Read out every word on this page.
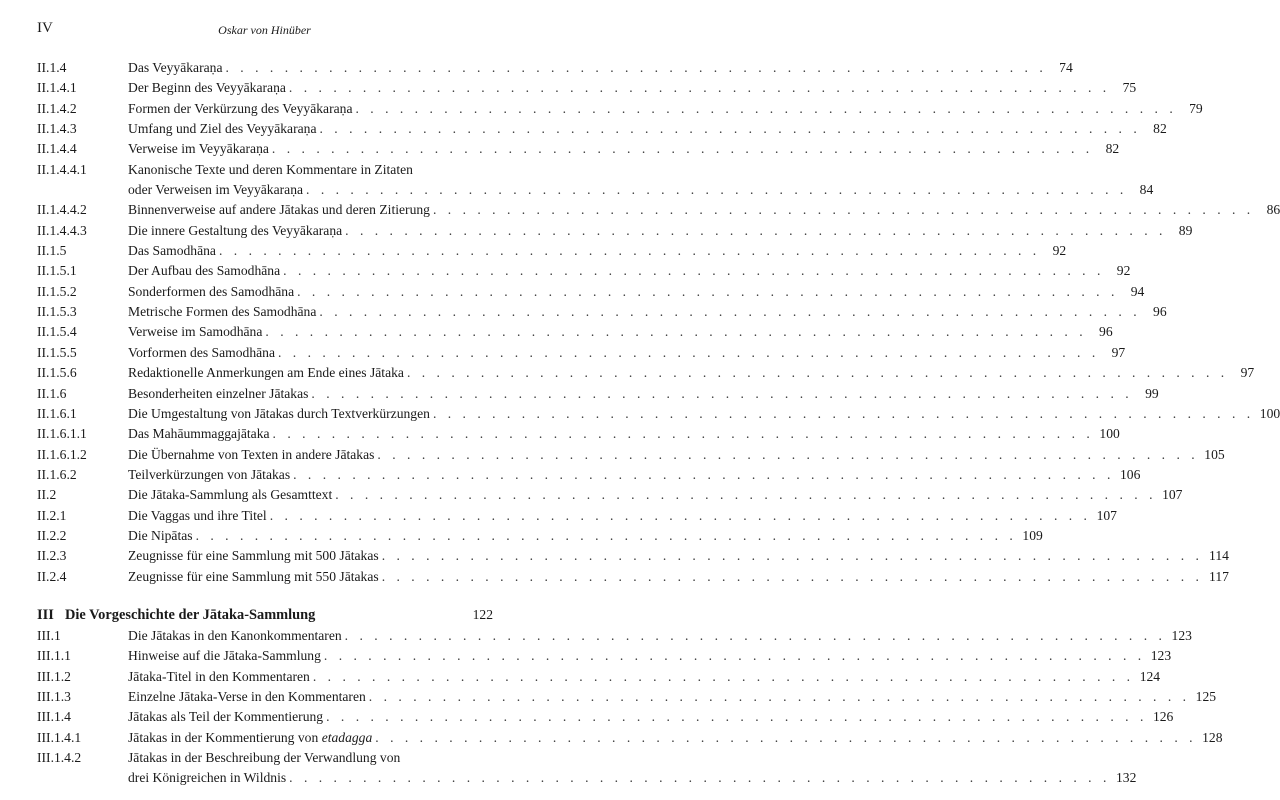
IV	Oskar von Hinüber
II.1.4	Das Veyyākaraṇa . . . . . . . . . . . . . . . . . . . . . . . . . . . . . . . . . . . . . . . . . . . . . . . . . . . . . . . . 74
II.1.4.1	Der Beginn des Veyyākaraṇa . . . . . . . . . . . . . . . . . . . . . . . . . . . . . . . . . . . . . . . . . . . . . . . . . . . . . . . . 75
II.1.4.2	Formen der Verkürzung des Veyyākaraṇa . . . . . . . . . . . . . . . . . . . . . . . . . . . . . . . . . . . . . . . . . . . . . . . . . . . . . . . . 79
II.1.4.3	Umfang und Ziel des Veyyākaraṇa . . . . . . . . . . . . . . . . . . . . . . . . . . . . . . . . . . . . . . . . . . . . . . . . . . . . . . . . 82
II.1.4.4	Verweise im Veyyākaraṇa . . . . . . . . . . . . . . . . . . . . . . . . . . . . . . . . . . . . . . . . . . . . . . . . . . . . . . . . 82
II.1.4.4.1	Kanonische Texte und deren Kommentare in Zitaten
oder Verweisen im Veyyākaraṇa . . . . . . . . . . . . . . . . . . . . . . . . . . . . . . . . . . . . . . . . . . . . . . . . . . . . . . . . 84
II.1.4.4.2	Binnenverweise auf andere Jātakas und deren Zitierung . . . . . . . . . . . . . . . . . . . . . . . . . . . . . . . . . . . . . . . . . . . . . . . . . . . . . . . . 86
II.1.4.4.3	Die innere Gestaltung des Veyyākaraṇa . . . . . . . . . . . . . . . . . . . . . . . . . . . . . . . . . . . . . . . . . . . . . . . . . . . . . . . . 89
II.1.5	Das Samodhāna . . . . . . . . . . . . . . . . . . . . . . . . . . . . . . . . . . . . . . . . . . . . . . . . . . . . . . . . 92
II.1.5.1	Der Aufbau des Samodhāna . . . . . . . . . . . . . . . . . . . . . . . . . . . . . . . . . . . . . . . . . . . . . . . . . . . . . . . . 92
II.1.5.2	Sonderformen des Samodhāna . . . . . . . . . . . . . . . . . . . . . . . . . . . . . . . . . . . . . . . . . . . . . . . . . . . . . . . . 94
II.1.5.3	Metrische Formen des Samodhāna . . . . . . . . . . . . . . . . . . . . . . . . . . . . . . . . . . . . . . . . . . . . . . . . . . . . . . . . 96
II.1.5.4	Verweise im Samodhāna . . . . . . . . . . . . . . . . . . . . . . . . . . . . . . . . . . . . . . . . . . . . . . . . . . . . . . . . 96
II.1.5.5	Vorformen des Samodhāna . . . . . . . . . . . . . . . . . . . . . . . . . . . . . . . . . . . . . . . . . . . . . . . . . . . . . . . . 97
II.1.5.6	Redaktionelle Anmerkungen am Ende eines Jātaka . . . . . . . . . . . . . . . . . . . . . . . . . . . . . . . . . . . . . . . . . . . . . . . . . . . . . . . . 97
II.1.6	Besonderheiten einzelner Jātakas . . . . . . . . . . . . . . . . . . . . . . . . . . . . . . . . . . . . . . . . . . . . . . . . . . . . . . . . 99
II.1.6.1	Die Umgestaltung von Jātakas durch Textverkürzungen . . . . . . . . . . . . . . . . . . . . . . . . . . . . . . . . . . . . . . . . . . . . . . . . . . . . . . . . 100
II.1.6.1.1	Das Mahāummaggajātaka . . . . . . . . . . . . . . . . . . . . . . . . . . . . . . . . . . . . . . . . . . . . . . . . . . . . . . . . 100
II.1.6.1.2	Die Übernahme von Texten in andere Jātakas . . . . . . . . . . . . . . . . . . . . . . . . . . . . . . . . . . . . . . . . . . . . . . . . . . . . . . . . 105
II.1.6.2	Teilverkürzungen von Jātakas . . . . . . . . . . . . . . . . . . . . . . . . . . . . . . . . . . . . . . . . . . . . . . . . . . . . . . . . 106
II.2	Die Jātaka-Sammlung als Gesamttext . . . . . . . . . . . . . . . . . . . . . . . . . . . . . . . . . . . . . . . . . . . . . . . . . . . . . . . . 107
II.2.1	Die Vaggas und ihre Titel . . . . . . . . . . . . . . . . . . . . . . . . . . . . . . . . . . . . . . . . . . . . . . . . . . . . . . . . 107
II.2.2	Die Nipātas . . . . . . . . . . . . . . . . . . . . . . . . . . . . . . . . . . . . . . . . . . . . . . . . . . . . . . . . 109
II.2.3	Zeugnisse für eine Sammlung mit 500 Jātakas . . . . . . . . . . . . . . . . . . . . . . . . . . . . . . . . . . . . . . . . . . . . . . . . . . . . . . . . 114
II.2.4	Zeugnisse für eine Sammlung mit 550 Jātakas . . . . . . . . . . . . . . . . . . . . . . . . . . . . . . . . . . . . . . . . . . . . . . . . . . . . . . . . 117
III Die Vorgeschichte der Jātaka-Sammlung	122
III.1	Die Jātakas in den Kanonkommentaren . . . . . . . . . . . . . . . . . . . . . . . . . . . . . . . . . . . . . . . . . . . . . . . . . . . . . . . . 123
III.1.1	Hinweise auf die Jātaka-Sammlung . . . . . . . . . . . . . . . . . . . . . . . . . . . . . . . . . . . . . . . . . . . . . . . . . . . . . . . . 123
III.1.2	Jātaka-Titel in den Kommentaren . . . . . . . . . . . . . . . . . . . . . . . . . . . . . . . . . . . . . . . . . . . . . . . . . . . . . . . . 124
III.1.3	Einzelne Jātaka-Verse in den Kommentaren . . . . . . . . . . . . . . . . . . . . . . . . . . . . . . . . . . . . . . . . . . . . . . . . . . . . . . . . 125
III.1.4	Jātakas als Teil der Kommentierung . . . . . . . . . . . . . . . . . . . . . . . . . . . . . . . . . . . . . . . . . . . . . . . . . . . . . . . . 126
III.1.4.1	Jātakas in der Kommentierung von etadagga . . . . . . . . . . . . . . . . . . . . . . . . . . . . . . . . . . . . . . . . . . . . . . . . . . . . . . . . 128
III.1.4.2	Jātakas in der Beschreibung der Verwandlung von
drei Königreichen in Wildnis . . . . . . . . . . . . . . . . . . . . . . . . . . . . . . . . . . . . . . . . . . . . . . . . . . . . . . . . 132
